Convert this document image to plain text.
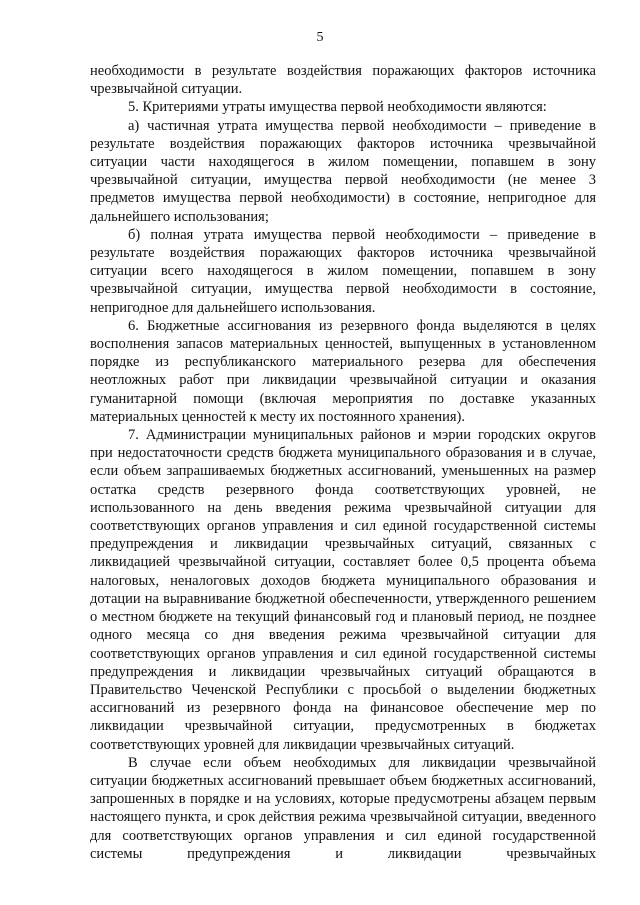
5

необходимости в результате воздействия поражающих факторов источника чрезвычайной ситуации.

5. Критериями утраты имущества первой необходимости являются:

а) частичная утрата имущества первой необходимости – приведение в результате воздействия поражающих факторов источника чрезвычайной ситуации части находящегося в жилом помещении, попавшем в зону чрезвычайной ситуации, имущества первой необходимости (не менее 3 предметов имущества первой необходимости) в состояние, непригодное для дальнейшего использования;

б) полная утрата имущества первой необходимости – приведение в результате воздействия поражающих факторов источника чрезвычайной ситуации всего находящегося в жилом помещении, попавшем в зону чрезвычайной ситуации, имущества первой необходимости в состояние, непригодное для дальнейшего использования.

6. Бюджетные ассигнования из резервного фонда выделяются в целях восполнения запасов материальных ценностей, выпущенных в установленном порядке из республиканского материального резерва для обеспечения неотложных работ при ликвидации чрезвычайной ситуации и оказания гуманитарной помощи (включая мероприятия по доставке указанных материальных ценностей к месту их постоянного хранения).

7. Администрации муниципальных районов и мэрии городских округов при недостаточности средств бюджета муниципального образования и в случае, если объем запрашиваемых бюджетных ассигнований, уменьшенных на размер остатка средств резервного фонда соответствующих уровней, не использованного на день введения режима чрезвычайной ситуации для соответствующих органов управления и сил единой государственной системы предупреждения и ликвидации чрезвычайных ситуаций, связанных с ликвидацией чрезвычайной ситуации, составляет более 0,5 процента объема налоговых, неналоговых доходов бюджета муниципального образования и дотации на выравнивание бюджетной обеспеченности, утвержденного решением о местном бюджете на текущий финансовый год и плановый период, не позднее одного месяца со дня введения режима чрезвычайной ситуации для соответствующих органов управления и сил единой государственной системы предупреждения и ликвидации чрезвычайных ситуаций обращаются в Правительство Чеченской Республики с просьбой о выделении бюджетных ассигнований из резервного фонда на финансовое обеспечение мер по ликвидации чрезвычайной ситуации, предусмотренных в бюджетах соответствующих уровней для ликвидации чрезвычайных ситуаций.

В случае если объем необходимых для ликвидации чрезвычайной ситуации бюджетных ассигнований превышает объем бюджетных ассигнований, запрошенных в порядке и на условиях, которые предусмотрены абзацем первым настоящего пункта, и срок действия режима чрезвычайной ситуации, введенного для соответствующих органов управления и сил единой государственной системы предупреждения и ликвидации чрезвычайных
